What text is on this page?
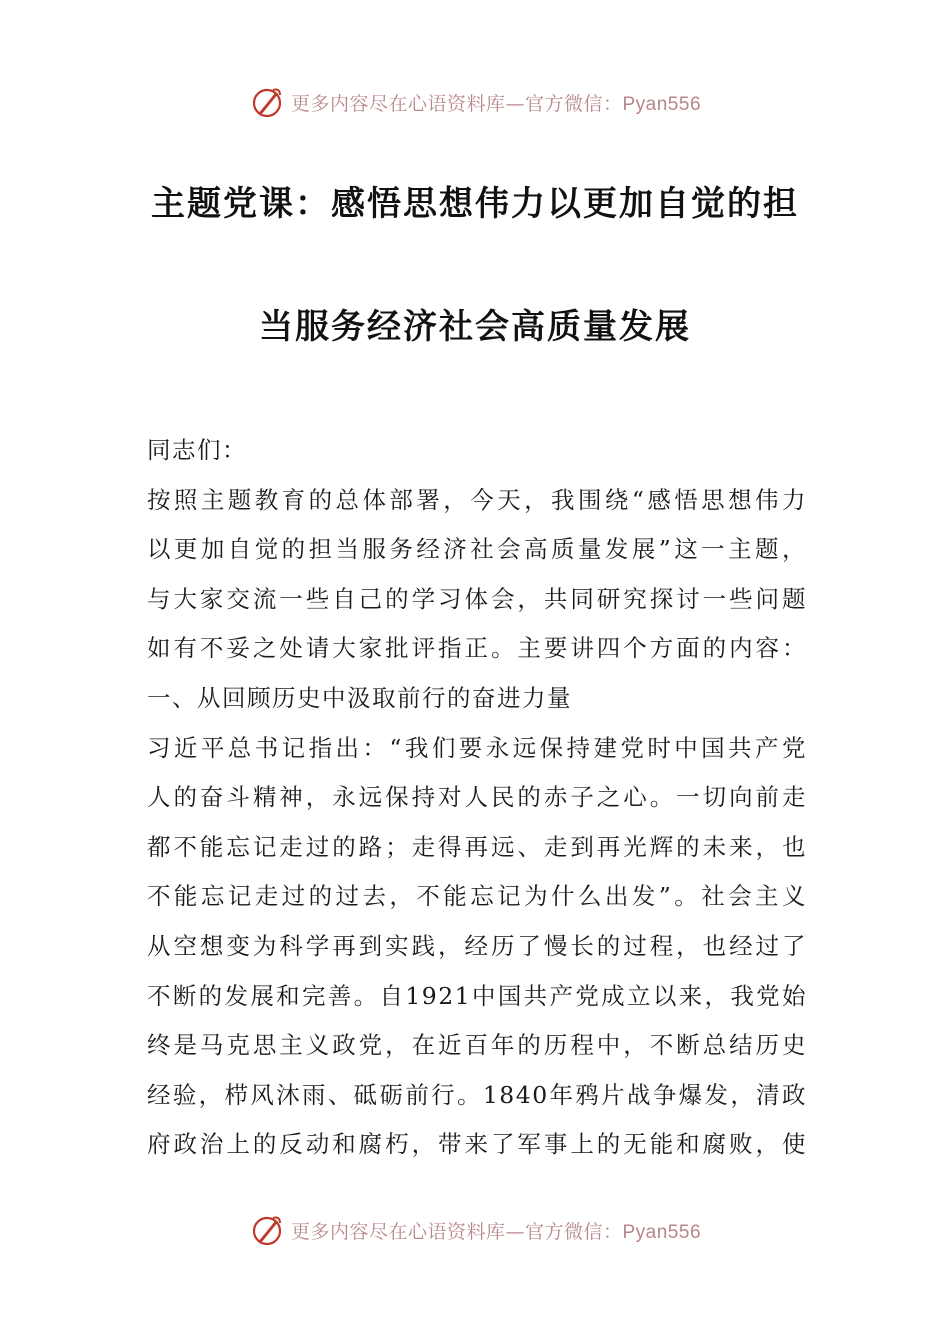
更多内容尽在心语资料库—官方微信：Pyan556
主题党课：感悟思想伟力以更加自觉的担
当服务经济社会高质量发展
同志们：
按照主题教育的总体部署，今天，我围绕“感悟思想伟力
以更加自觉的担当服务经济社会高质量发展”这一主题，
与大家交流一些自己的学习体会，共同研究探讨一些问题
如有不妥之处请大家批评指正。主要讲四个方面的内容：
一、从回顾历史中汲取前行的奋进力量
习近平总书记指出：“我们要永远保持建党时中国共产党
人的奋斗精神，永远保持对人民的赤子之心。一切向前走
都不能忘记走过的路；走得再远、走到再光辉的未来，也
不能忘记走过的过去，不能忘记为什么出发”。社会主义
从空想变为科学再到实践，经历了慢长的过程，也经过了
不断的发展和完善。自1921中国共产党成立以来，我党始
终是马克思主义政党，在近百年的历程中，不断总结历史
经验，栉风沐雨、砥砺前行。1840年鸦片战争爆发，清政
府政治上的反动和腐朽，带来了军事上的无能和腐败，使
更多内容尽在心语资料库—官方微信：Pyan556
